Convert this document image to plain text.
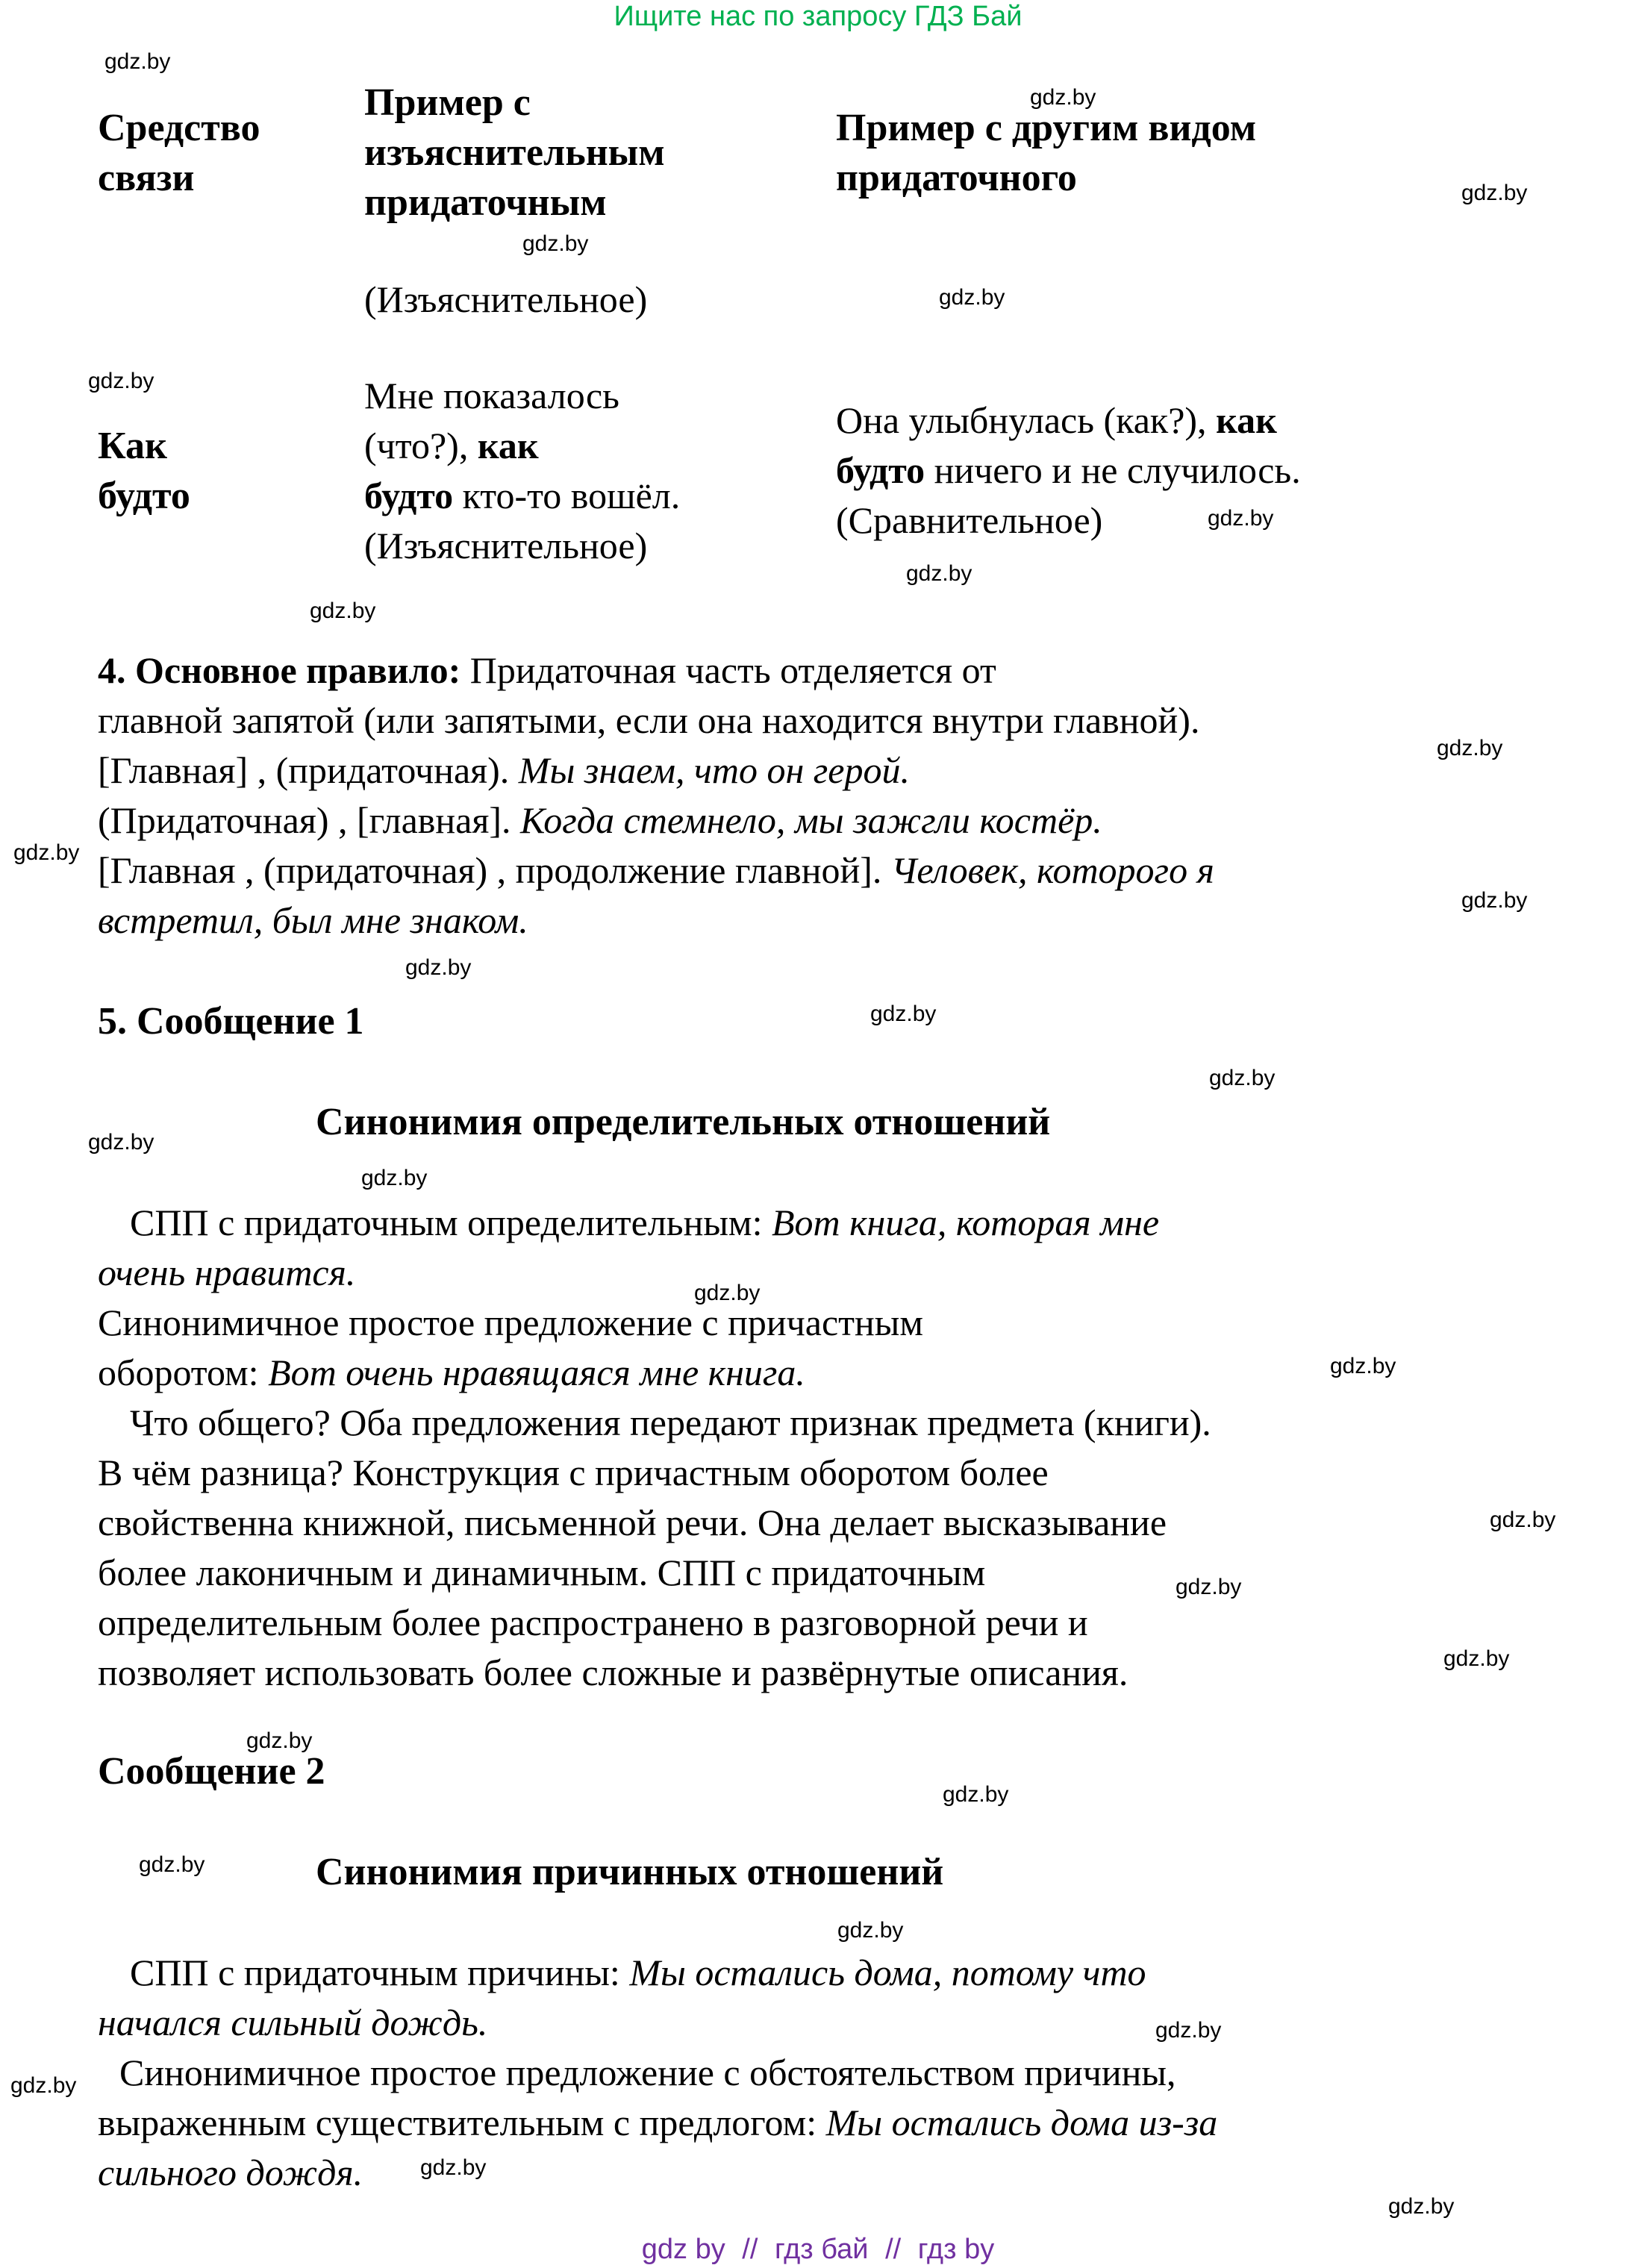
Ищите нас по запросу ГДЗ Бай
Средство
связи
Пример с
изъяснительным
придаточным
Пример с другим видом
придаточного
(Изъяснительное)
Как
будто
Мне показалось
(что?), как
будто кто-то вошёл.
(Изъяснительное)
Она улыбнулась (как?), как
будто ничего и не случилось.
(Сравнительное)
4. Основное правило: Придаточная часть отделяется от
главной запятой (или запятыми, если она находится внутри главной).
[Главная] , (придаточная). Мы знаем, что он герой.
(Придаточная) , [главная]. Когда стемнело, мы зажгли костёр.
[Главная , (придаточная) , продолжение главной]. Человек, которого я
встретил, был мне знаком.
5. Сообщение 1
Синонимия определительных отношений
СПП с придаточным определительным: Вот книга, которая мне
очень нравится.
Синонимичное простое предложение с причастным
оборотом: Вот очень нравящаяся мне книга.
Что общего? Оба предложения передают признак предмета (книги).
В чём разница? Конструкция с причастным оборотом более
свойственна книжной, письменной речи. Она делает высказывание
более лаконичным и динамичным. СПП с придаточным
определительным более распространено в разговорной речи и
позволяет использовать более сложные и развёрнутые описания.
Сообщение 2
Синонимия причинных отношений
СПП с придаточным причины: Мы остались дома, потому что
начался сильный дождь.
Синонимичное простое предложение с обстоятельством причины,
выраженным существительным с предлогом: Мы остались дома из-за
сильного дождя.
gdz.by
gdz.by
gdz.by
gdz.by
gdz.by
gdz.by
gdz.by
gdz.by
gdz.by
gdz.by
gdz.by
gdz.by
gdz.by
gdz.by
gdz.by
gdz.by
gdz.by
gdz.by
gdz.by
gdz.by
gdz.by
gdz.by
gdz.by
gdz.by
gdz.by
gdz.by
gdz.by
gdz.by
gdz.by
gdz.by
gdz by // гдз бай // гдз by
